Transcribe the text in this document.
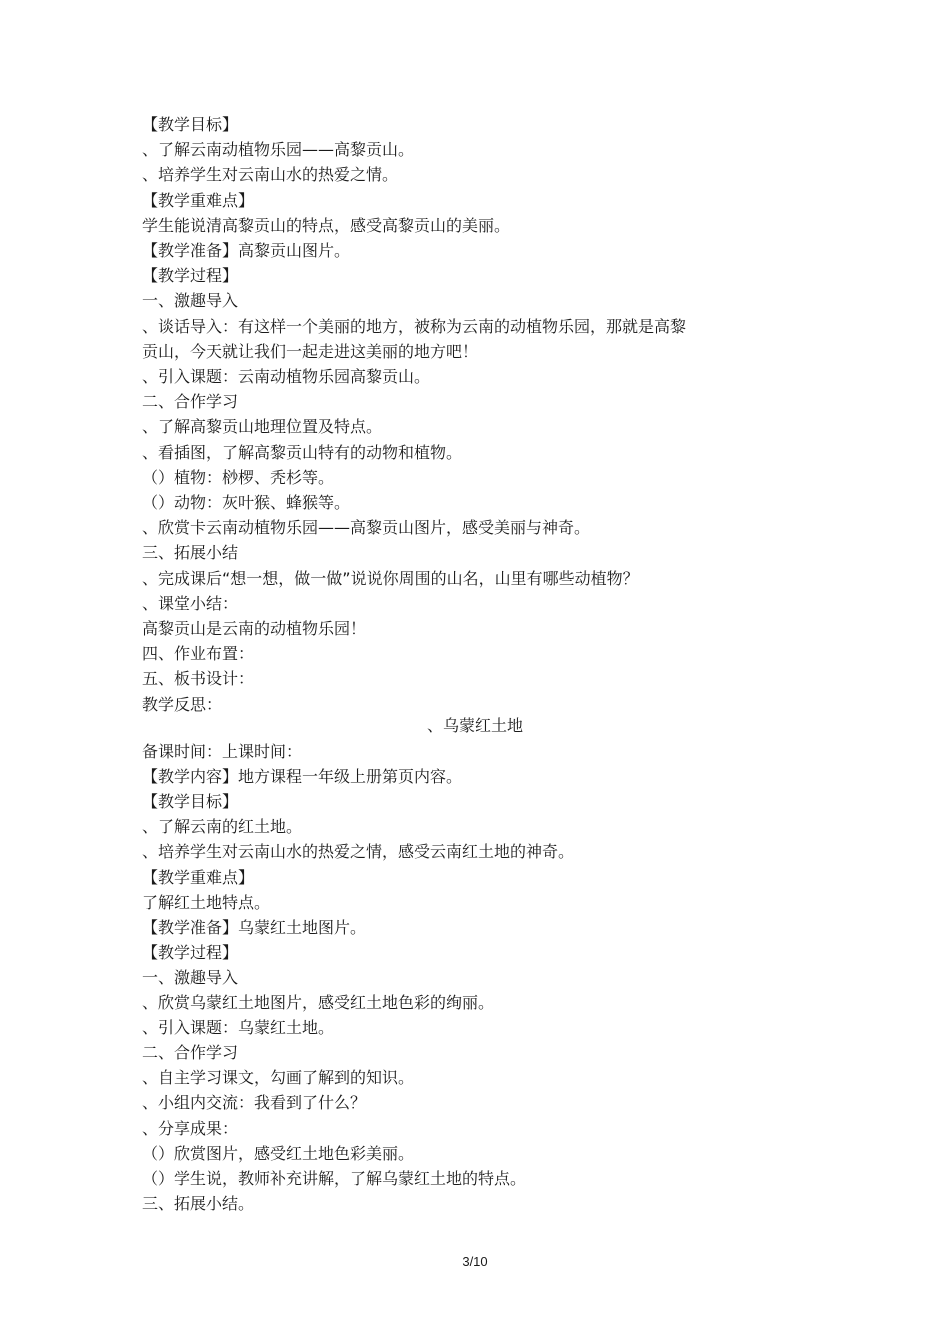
【教学目标】
、了解云南动植物乐园——高黎贡山。
、培养学生对云南山水的热爱之情。
【教学重难点】
学生能说清高黎贡山的特点，感受高黎贡山的美丽。
【教学准备】高黎贡山图片。
【教学过程】
一、激趣导入
、谈话导入：有这样一个美丽的地方，被称为云南的动植物乐园，那就是高黎
贡山，今天就让我们一起走进这美丽的地方吧！
、引入课题：云南动植物乐园高黎贡山。
二、合作学习
、了解高黎贡山地理位置及特点。
、看插图，了解高黎贡山特有的动物和植物。
（）植物：桫椤、秃杉等。
（）动物：灰叶猴、蜂猴等。
、欣赏卡云南动植物乐园——高黎贡山图片，感受美丽与神奇。
三、拓展小结
、完成课后“想一想，做一做”说说你周围的山名，山里有哪些动植物？
、课堂小结：
高黎贡山是云南的动植物乐园！
四、作业布置：
五、板书设计：
教学反思：
、乌蒙红土地
备课时间：上课时间：
【教学内容】地方课程一年级上册第页内容。
【教学目标】
、了解云南的红土地。
、培养学生对云南山水的热爱之情，感受云南红土地的神奇。
【教学重难点】
了解红土地特点。
【教学准备】乌蒙红土地图片。
【教学过程】
一、激趣导入
、欣赏乌蒙红土地图片，感受红土地色彩的绚丽。
、引入课题：乌蒙红土地。
二、合作学习
、自主学习课文，勾画了解到的知识。
、小组内交流：我看到了什么？
、分享成果：
（）欣赏图片，感受红土地色彩美丽。
（）学生说，教师补充讲解，了解乌蒙红土地的特点。
三、拓展小结。
3/10
